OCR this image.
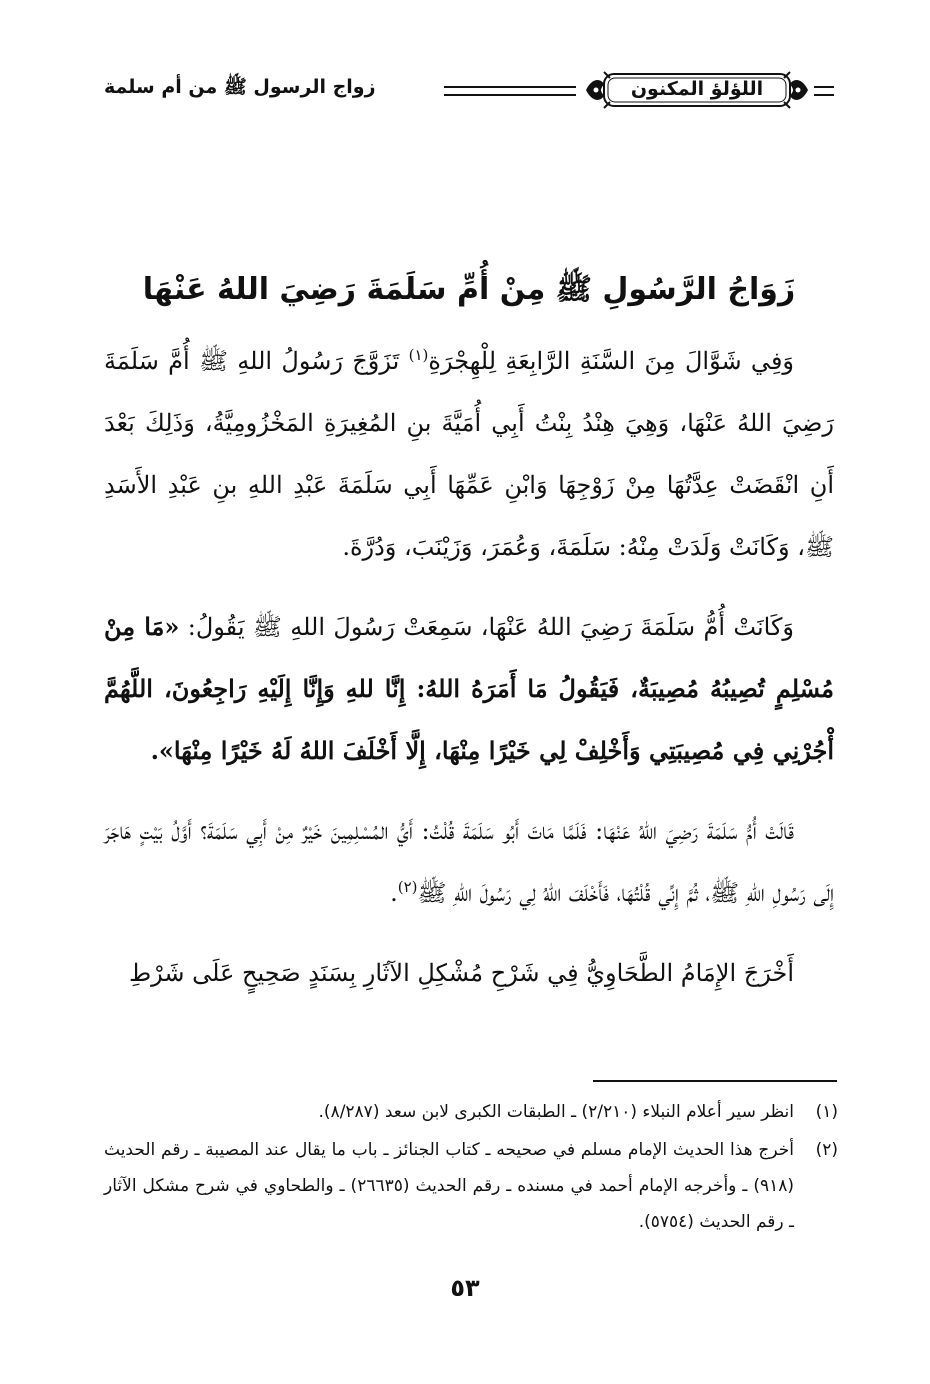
اللؤلؤ المكنون
زواج الرسول ﷺ من أم سلمة
زَوَاجُ الرَّسُولِ ﷺ مِنْ أُمِّ سَلَمَةَ رَضِيَ اللهُ عَنْهَا

وَفِي شَوَّالَ مِنَ السَّنَةِ الرَّابِعَةِ لِلْهِجْرَةِ$^{(١)}$ تَزَوَّجَ رَسُولُ اللهِ ﷺ أُمَّ سَلَمَةَ رَضِيَ اللهُ عَنْهَا، وَهِيَ هِنْدُ بِنْتُ أَبِي أُمَيَّةَ بنِ المُغِيرَةِ المَخْزُومِيَّةُ، وَذَلِكَ بَعْدَ أَنِ انْقَضَتْ عِدَّتُهَا مِنْ زَوْجِهَا وَابْنِ عَمِّهَا أَبِي سَلَمَةَ عَبْدِ اللهِ بنِ عَبْدِ الأَسَدِ ﷺ، وَكَانَتْ وَلَدَتْ مِنْهُ: سَلَمَةَ، وَعُمَرَ، وَزَيْنَبَ، وَدُرَّةَ.

وَكَانَتْ أُمُّ سَلَمَةَ رَضِيَ اللهُ عَنْهَا، سَمِعَتْ رَسُولَ اللهِ ﷺ يَقُولُ: «مَا مِنْ مُسْلِمٍ تُصِيبُهُ مُصِيبَةٌ، فَيَقُولُ مَا أَمَرَهُ اللهُ: إِنَّا للهِ وَإِنَّا إِلَيْهِ رَاجِعُونَ، اللَّهُمَّ أْجُرْنِي فِي مُصِيبَتِي وَأَخْلِفْ لِي خَيْرًا مِنْهَا، إِلَّا أَخْلَفَ اللهُ لَهُ خَيْرًا مِنْهَا».

قَالَتْ أُمُّ سَلَمَةَ رَضِيَ اللهُ عَنْهَا: فَلَمَّا مَاتَ أَبُو سَلَمَةَ قُلْتُ: أَيُّ المُسْلِمِينَ خَيْرٌ مِنْ أَبِي سَلَمَةَ؟ أَوَّلُ بَيْتٍ هَاجَرَ إِلَى رَسُولِ اللهِ ﷺ، ثُمَّ إِنِّي قُلْتُهَا، فَأَخْلَفَ اللهُ لِي رَسُولَ اللهِ ﷺ$^{(٢)}$.

أَخْرَجَ الإِمَامُ الطَّحَاوِيُّ فِي شَرْحِ مُشْكِلِ الآثَارِ بِسَنَدٍ صَحِيحٍ عَلَى شَرْطِ

(١)
انظر سير أعلام النبلاء (٢/٢١٠) ـ الطبقات الكبرى لابن سعد (٨/٢٨٧).
(٢)
أخرج هذا الحديث الإمام مسلم في صحيحه ـ كتاب الجنائز ـ باب ما يقال عند المصيبة ـ رقم الحديث (٩١٨) ـ وأخرجه الإمام أحمد في مسنده ـ رقم الحديث (٢٦٦٣٥) ـ والطحاوي في شرح مشكل الآثار ـ رقم الحديث (٥٧٥٤).
٥٣
